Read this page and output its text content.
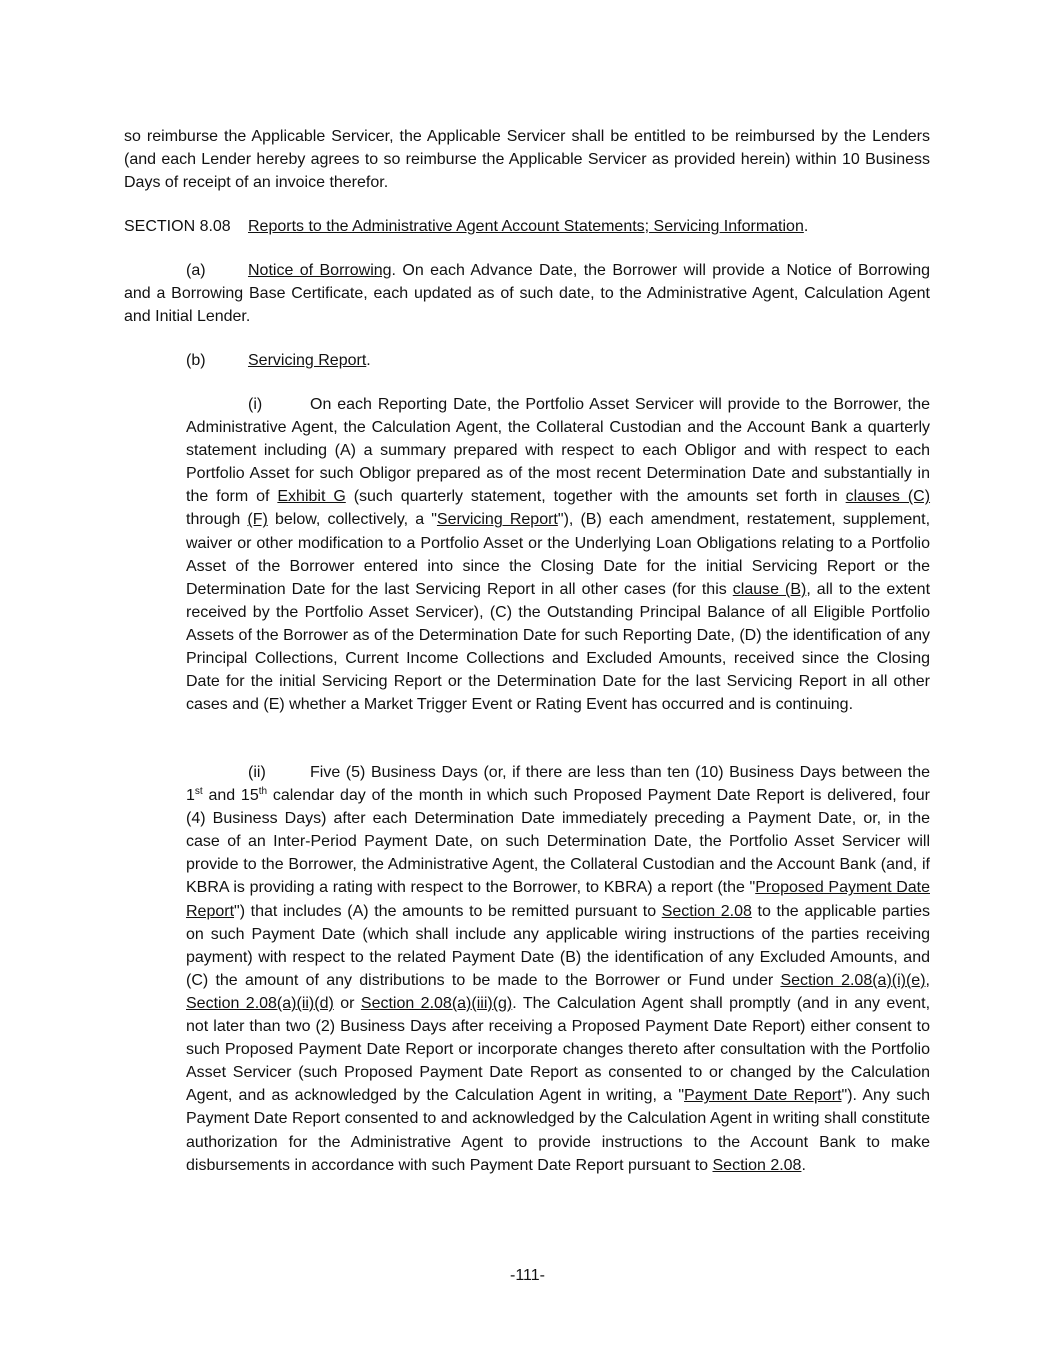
so reimburse the Applicable Servicer, the Applicable Servicer shall be entitled to be reimbursed by the Lenders (and each Lender hereby agrees to so reimburse the Applicable Servicer as provided herein) within 10 Business Days of receipt of an invoice therefor.

SECTION 8.08 Reports to the Administrative Agent Account Statements; Servicing Information.

(a)	Notice of Borrowing. On each Advance Date, the Borrower will provide a Notice of Borrowing and a Borrowing Base Certificate, each updated as of such date, to the Administrative Agent, Calculation Agent and Initial Lender.

(b)	Servicing Report.

(i)	On each Reporting Date, the Portfolio Asset Servicer will provide to the Borrower, the Administrative Agent, the Calculation Agent, the Collateral Custodian and the Account Bank a quarterly statement including (A) a summary prepared with respect to each Obligor and with respect to each Portfolio Asset for such Obligor prepared as of the most recent Determination Date and substantially in the form of Exhibit G (such quarterly statement, together with the amounts set forth in clauses (C) through (F) below, collectively, a "Servicing Report"), (B) each amendment, restatement, supplement, waiver or other modification to a Portfolio Asset or the Underlying Loan Obligations relating to a Portfolio Asset of the Borrower entered into since the Closing Date for the initial Servicing Report or the Determination Date for the last Servicing Report in all other cases (for this clause (B), all to the extent received by the Portfolio Asset Servicer), (C) the Outstanding Principal Balance of all Eligible Portfolio Assets of the Borrower as of the Determination Date for such Reporting Date, (D) the identification of any Principal Collections, Current Income Collections and Excluded Amounts, received since the Closing Date for the initial Servicing Report or the Determination Date for the last Servicing Report in all other cases and (E) whether a Market Trigger Event or Rating Event has occurred and is continuing.

(ii)	Five (5) Business Days (or, if there are less than ten (10) Business Days between the 1st and 15th calendar day of the month in which such Proposed Payment Date Report is delivered, four (4) Business Days) after each Determination Date immediately preceding a Payment Date, or, in the case of an Inter-Period Payment Date, on such Determination Date, the Portfolio Asset Servicer will provide to the Borrower, the Administrative Agent, the Collateral Custodian and the Account Bank (and, if KBRA is providing a rating with respect to the Borrower, to KBRA) a report (the "Proposed Payment Date Report") that includes (A) the amounts to be remitted pursuant to Section 2.08 to the applicable parties on such Payment Date (which shall include any applicable wiring instructions of the parties receiving payment) with respect to the related Payment Date (B) the identification of any Excluded Amounts, and (C) the amount of any distributions to be made to the Borrower or Fund under Section 2.08(a)(i)(e), Section 2.08(a)(ii)(d) or Section 2.08(a)(iii)(g). The Calculation Agent shall promptly (and in any event, not later than two (2) Business Days after receiving a Proposed Payment Date Report) either consent to such Proposed Payment Date Report or incorporate changes thereto after consultation with the Portfolio Asset Servicer (such Proposed Payment Date Report as consented to or changed by the Calculation Agent, and as acknowledged by the Calculation Agent in writing, a "Payment Date Report"). Any such Payment Date Report consented to and acknowledged by the Calculation Agent in writing shall constitute authorization for the Administrative Agent to provide instructions to the Account Bank to make disbursements in accordance with such Payment Date Report pursuant to Section 2.08.

-111-
